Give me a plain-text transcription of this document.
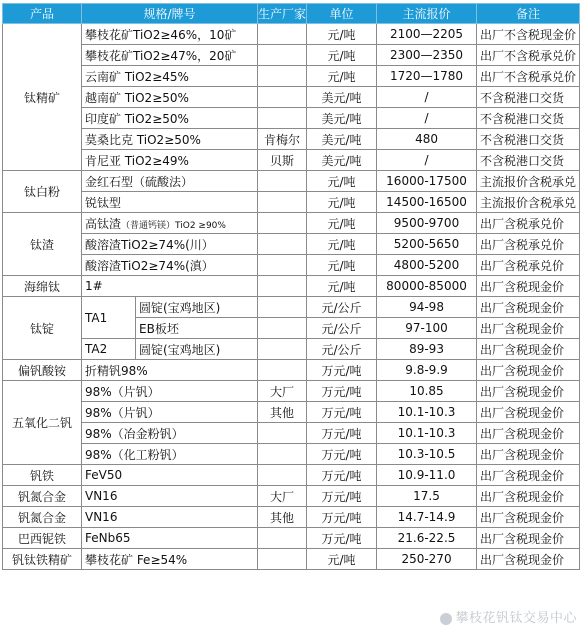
产品	规格/牌号		生产厂家	单位	主流报价	备注
钛精矿	攀枝花矿TiO2≥46%，10矿			元/吨	2100—2205	出厂不含税现金价
	攀枝花矿TiO2≥47%，20矿			元/吨	2300—2350	出厂不含税承兑价
	云南矿 TiO2≥45%			元/吨	1720—1780	出厂不含税承兑价
	越南矿 TiO2≥50%			美元/吨	/	不含税港口交货
	印度矿 TiO2≥50%			美元/吨	/	不含税港口交货
	莫桑比克 TiO2≥50%		肯梅尔	美元/吨	480	不含税港口交货
	肯尼亚 TiO2≥49%		贝斯	美元/吨	/	不含税港口交货
钛白粉	金红石型（硫酸法）			元/吨	16000-17500	主流报价含税承兑
	锐钛型			元/吨	14500-16500	主流报价含税承兑
钛渣	高钛渣（普通钙镁）TiO2 ≥90%			元/吨	9500-9700	出厂含税承兑价
	酸溶渣TiO2≥74%(川）			元/吨	5200-5650	出厂含税承兑价
	酸溶渣TiO2≥74%(滇）			元/吨	4800-5200	出厂含税承兑价
海绵钛	1#			元/吨	80000-85000	出厂含税现金价
钛锭	TA1	圆锭(宝鸡地区)		元/公斤	94-98	出厂含税现金价
		EB板坯		元/公斤	97-100	出厂含税现金价
	TA2	圆锭(宝鸡地区)		元/公斤	89-93	出厂含税现金价
偏钒酸铵	折精钒98%			万元/吨	9.8-9.9	出厂含税现金价
五氧化二钒	98%（片钒）		大厂	万元/吨	10.85	出厂含税现金价
	98%（片钒）		其他	万元/吨	10.1-10.3	出厂含税现金价
	98%（冶金粉钒）			万元/吨	10.1-10.3	出厂含税现金价
	98%（化工粉钒）			万元/吨	10.3-10.5	出厂含税现金价
钒铁	FeV50			万元/吨	10.9-11.0	出厂含税现金价
钒氮合金	VN16		大厂	万元/吨	17.5	出厂含税现金价
钒氮合金	VN16		其他	万元/吨	14.7-14.9	出厂含税现金价
巴西铌铁	FeNb65			万元/吨	21.6-22.5	出厂含税现金价
钒钛铁精矿	攀枝花矿 Fe≥54%			元/吨	250-270	出厂含税现金价
攀枝花钒钛交易中心
